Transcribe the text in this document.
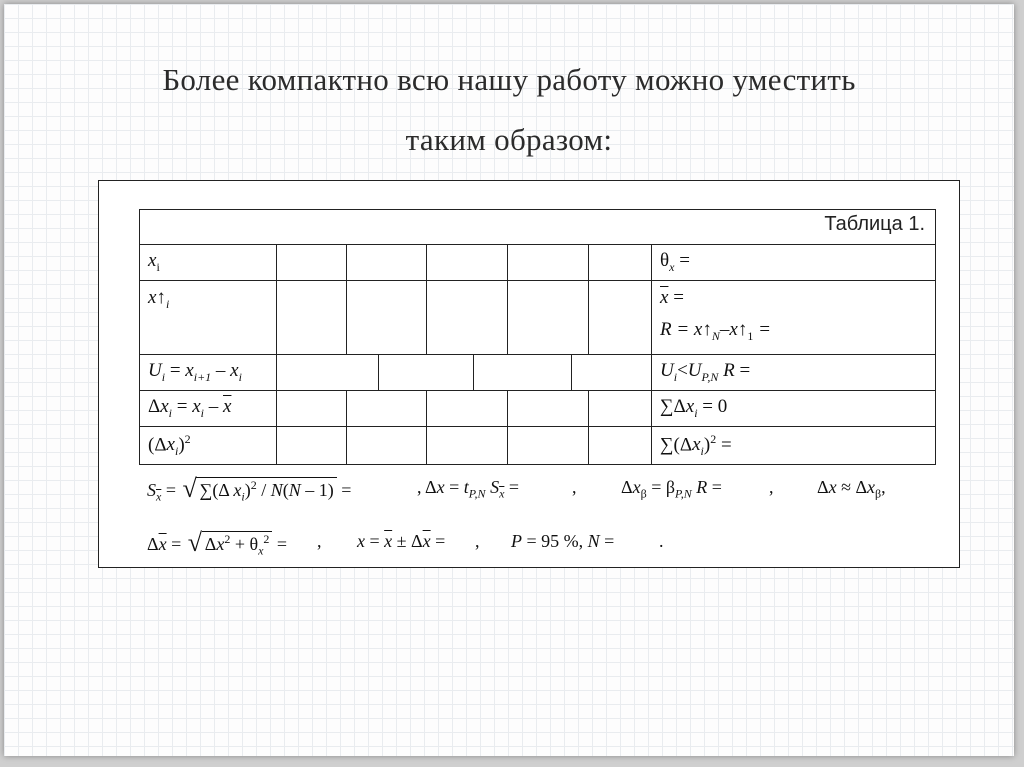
Более компактно всю нашу работу можно уместить
таким образом:
Таблица 1.
$x_i$	$\theta_x$ =
$x↑_i$	$\overline{x}$ =
$R = x↑_N-x↑_1$ =
$U_i = x_{i+1} - x_i$	$U_i<U_{P,N}$ R =
$\Delta x_i = x_i - \overline{x}$	$\sum\Delta x_i = 0$
$(\Delta x_i)^2$	$\sum(\Delta x_i)^2$ =
$S_{\overline{x}}$ = √ ∑(Δ $x_i)^2 / N(N - 1)$ =	, $\Delta x = t_{P,N}$ $S_{\overline{x}}$ =	, $\Delta x_\beta = \beta_{P,N}$ R =	, $\Delta x \approx \Delta x_\beta$,
$\Delta\overline{x}$ = √ $\Delta x^2 + \theta_x^2$ = , $x = \overline{x} \pm \Delta\overline{x}$ = , P = 95 %, N = .
